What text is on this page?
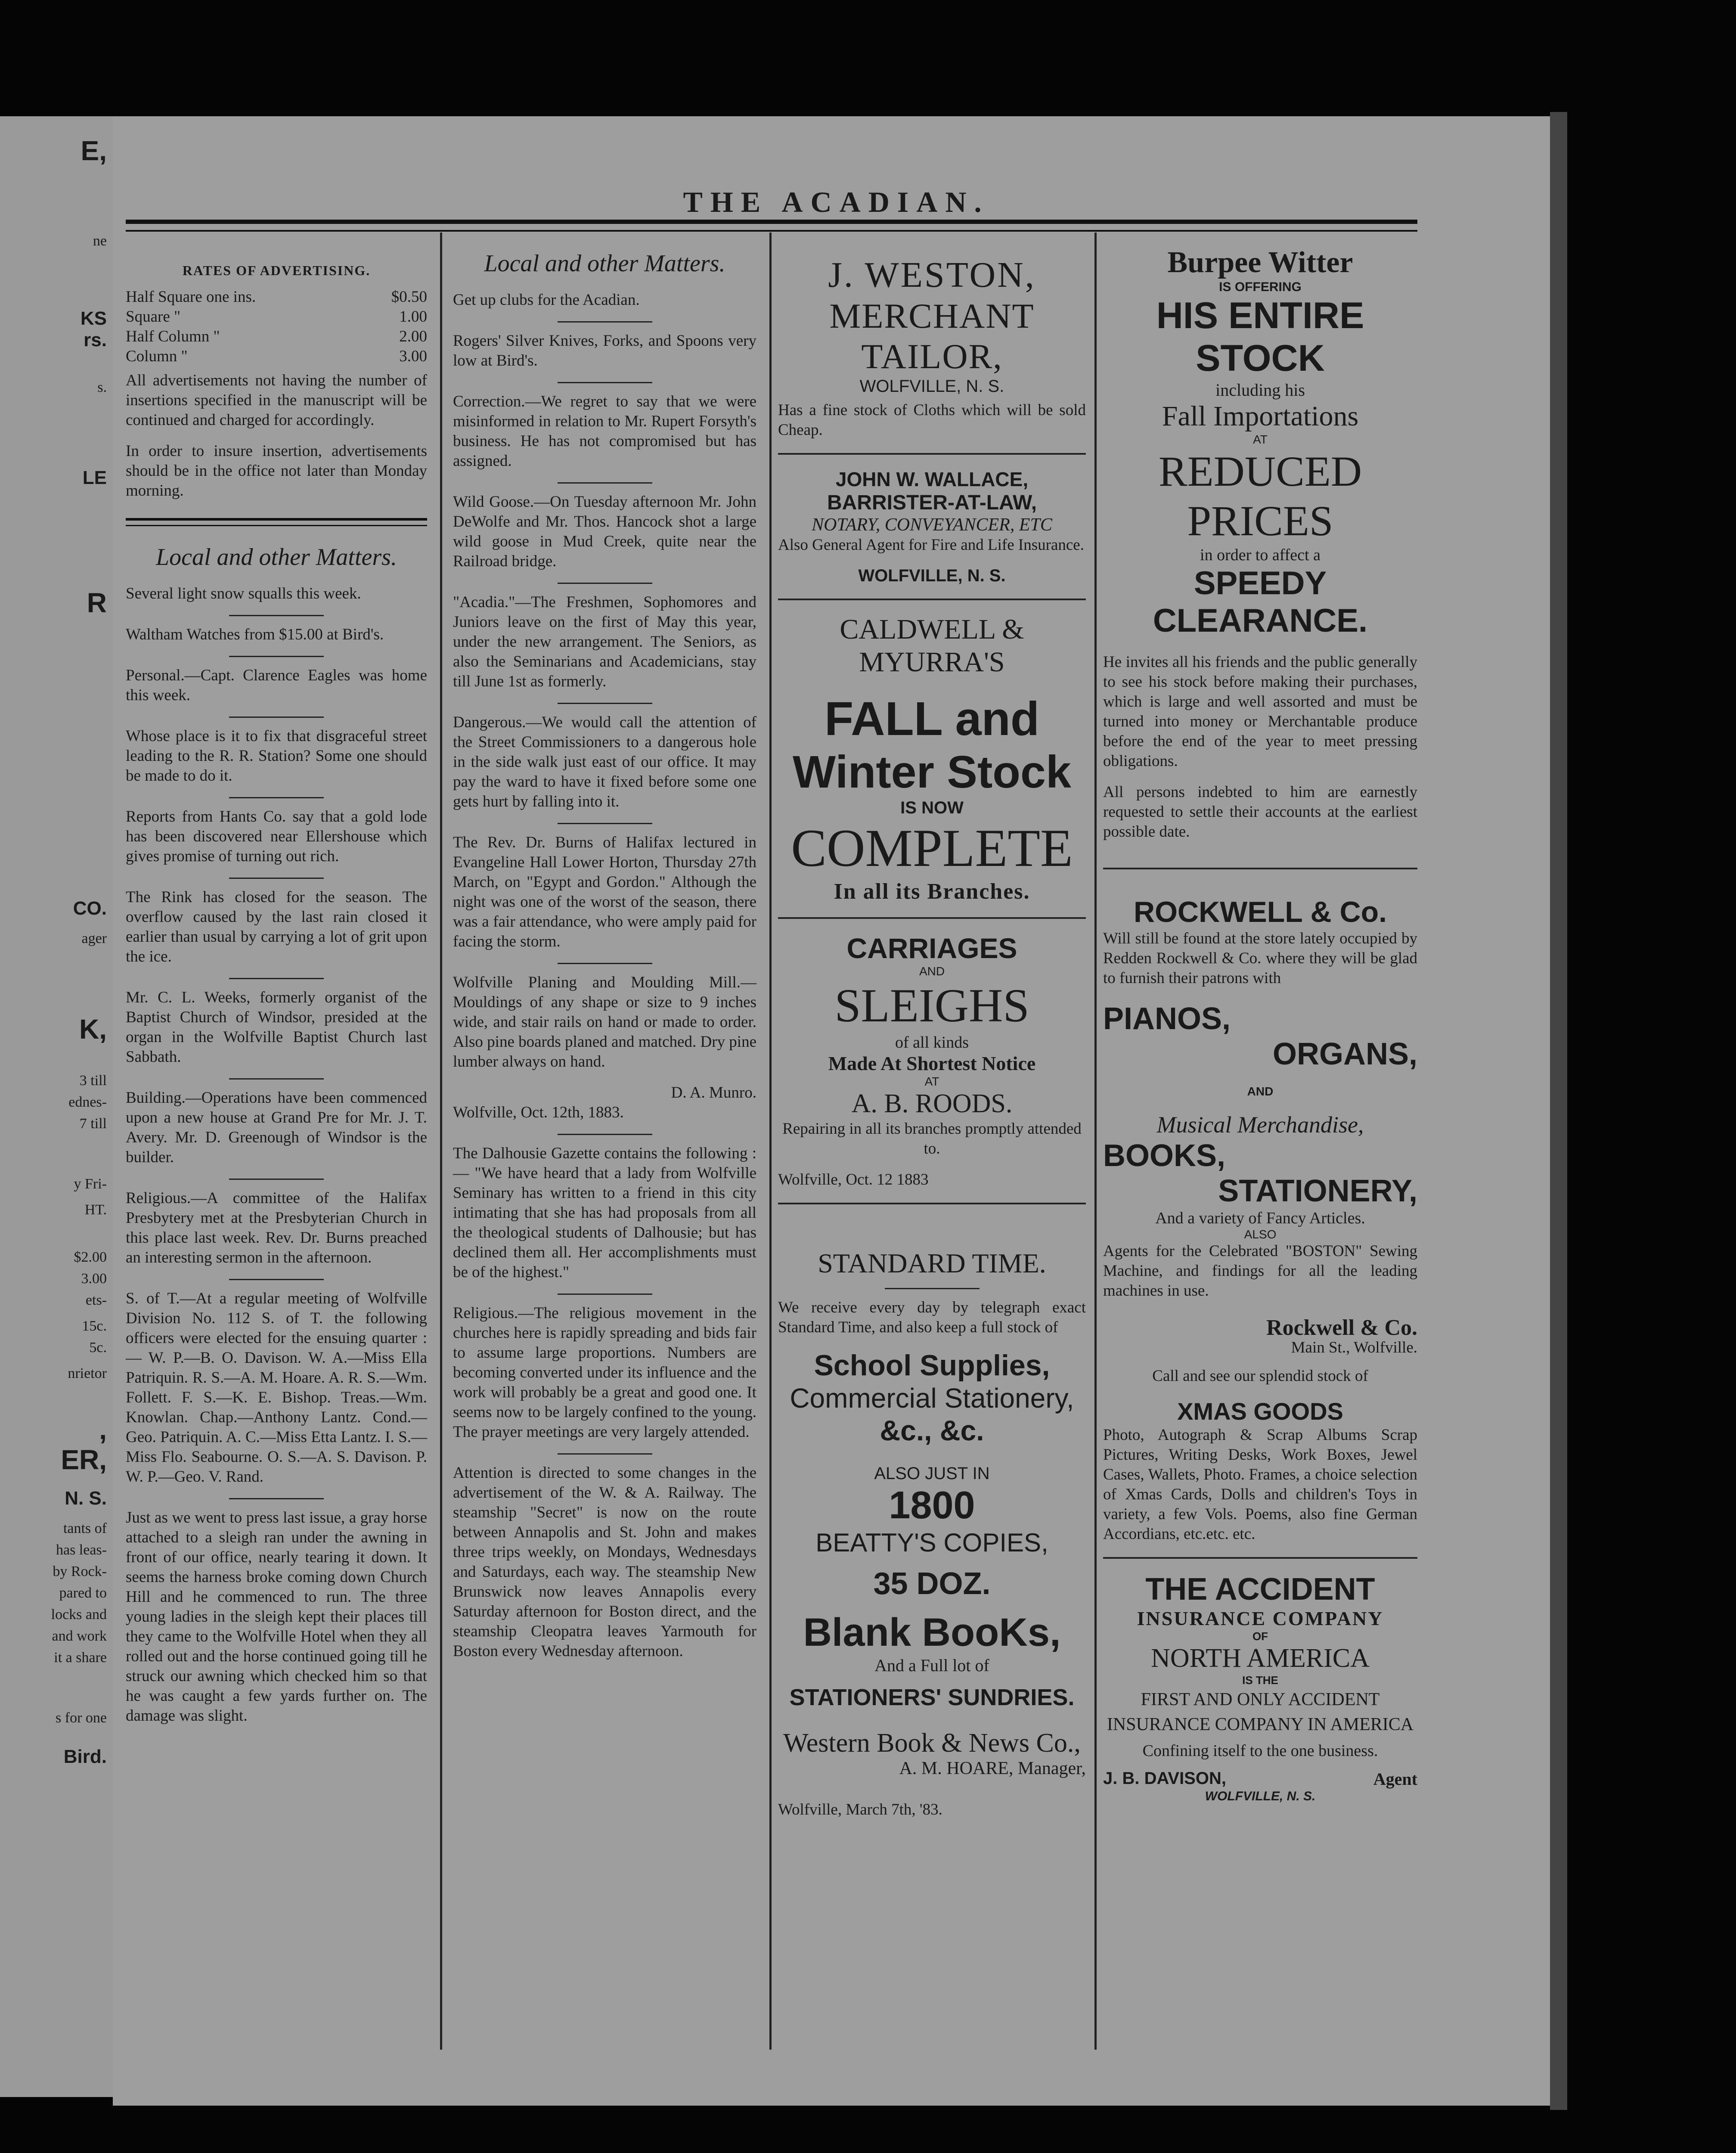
E,
ne
KS
rs.
s.
LE
R
CO.
ager
K,
3 till
ednes-
7 till
y Fri-
HT.
$2.00
3.00
ets-
15c.
5c.
nrietor
,
ER,
N. S.
tants of
has leas-
by Rock-
pared to
locks and
and work
it a share
s for one
Bird.
THE ACADIAN.
RATES OF ADVERTISING.
Half Square one ins.	$0.50
Square "	1.00
Half Column "	2.00
Column "	3.00

All advertisements not having the number of insertions specified in the manuscript will be continued and charged for accordingly.

In order to insure insertion, advertisements should be in the office not later than Monday morning.

Local and other Matters.

Several light snow squalls this week.

Waltham Watches from $15.00 at Bird's.

Personal.—Capt. Clarence Eagles was home this week.

Whose place is it to fix that disgraceful street leading to the R. R. Station? Some one should be made to do it.

Reports from Hants Co. say that a gold lode has been discovered near Ellershouse which gives promise of turning out rich.

The Rink has closed for the season. The overflow caused by the last rain closed it earlier than usual by carrying a lot of grit upon the ice.

Mr. C. L. Weeks, formerly organist of the Baptist Church of Windsor, presided at the organ in the Wolfville Baptist Church last Sabbath.

Building.—Operations have been commenced upon a new house at Grand Pre for Mr. J. T. Avery. Mr. D. Greenough of Windsor is the builder.

Religious.—A committee of the Halifax Presbytery met at the Presbyterian Church in this place last week. Rev. Dr. Burns preached an interesting sermon in the afternoon.

S. of T.—At a regular meeting of Wolfville Division No. 112 S. of T. the following officers were elected for the ensuing quarter :— W. P.—B. O. Davison. W. A.—Miss Ella Patriquin. R. S.—A. M. Hoare. A. R. S.—Wm. Follett. F. S.—K. E. Bishop. Treas.—Wm. Knowlan. Chap.—Anthony Lantz. Cond.—Geo. Patriquin. A. C.—Miss Etta Lantz. I. S.—Miss Flo. Seabourne. O. S.—A. S. Davison. P. W. P.—Geo. V. Rand.

Just as we went to press last issue, a gray horse attached to a sleigh ran under the awning in front of our office, nearly tearing it down. It seems the harness broke coming down Church Hill and he commenced to run. The three young ladies in the sleigh kept their places till they came to the Wolfville Hotel when they all rolled out and the horse continued going till he struck our awning which checked him so that he was caught a few yards further on. The damage was slight.

Local and other Matters.

Get up clubs for the Acadian.

Rogers' Silver Knives, Forks, and Spoons very low at Bird's.

Correction.—We regret to say that we were misinformed in relation to Mr. Rupert Forsyth's business. He has not compromised but has assigned.

Wild Goose.—On Tuesday afternoon Mr. John DeWolfe and Mr. Thos. Hancock shot a large wild goose in Mud Creek, quite near the Railroad bridge.

"Acadia."—The Freshmen, Sophomores and Juniors leave on the first of May this year, under the new arrangement. The Seniors, as also the Seminarians and Academicians, stay till June 1st as formerly.

Dangerous.—We would call the attention of the Street Commissioners to a dangerous hole in the side walk just east of our office. It may pay the ward to have it fixed before some one gets hurt by falling into it.

The Rev. Dr. Burns of Halifax lectured in Evangeline Hall Lower Horton, Thursday 27th March, on "Egypt and Gordon." Although the night was one of the worst of the season, there was a fair attendance, who were amply paid for facing the storm.

Wolfville Planing and Moulding Mill.—Mouldings of any shape or size to 9 inches wide, and stair rails on hand or made to order. Also pine boards planed and matched. Dry pine lumber always on hand.

D. A. Munro.

Wolfville, Oct. 12th, 1883.

The Dalhousie Gazette contains the following :— "We have heard that a lady from Wolfville Seminary has written to a friend in this city intimating that she has had proposals from all the theological students of Dalhousie; but has declined them all. Her accomplishments must be of the highest."

Religious.—The religious movement in the churches here is rapidly spreading and bids fair to assume large proportions. Numbers are becoming converted under its influence and the work will probably be a great and good one. It seems now to be largely confined to the young. The prayer meetings are very largely attended.

Attention is directed to some changes in the advertisement of the W. & A. Railway. The steamship "Secret" is now on the route between Annapolis and St. John and makes three trips weekly, on Mondays, Wednesdays and Saturdays, each way. The steamship New Brunswick now leaves Annapolis every Saturday afternoon for Boston direct, and the steamship Cleopatra leaves Yarmouth for Boston every Wednesday afternoon.

J. WESTON,
MERCHANT TAILOR,
WOLFVILLE, N. S.

Has a fine stock of Cloths which will be sold Cheap.

JOHN W. WALLACE,
BARRISTER-AT-LAW,
NOTARY, CONVEYANCER, ETC

Also General Agent for Fire and Life Insurance.

WOLFVILLE, N. S.
CALDWELL & MYURRA'S
FALL and
Winter Stock
IS NOW
COMPLETE
In all its Branches.
CARRIAGES
AND
SLEIGHS
of all kinds
Made At Shortest Notice
AT
A. B. ROODS.

Repairing in all its branches promptly attended to.

Wolfville, Oct. 12 1883

STANDARD TIME.

We receive every day by telegraph exact Standard Time, and also keep a full stock of

School Supplies,
Commercial Stationery,
&c., &c.
ALSO JUST IN
1800
BEATTY'S COPIES,
35 DOZ.
Blank BooKs,
And a Full lot of
STATIONERS' SUNDRIES.
Western Book & News Co.,
A. M. HOARE, Manager,

Wolfville, March 7th, '83.

Burpee Witter
IS OFFERING
HIS ENTIRE STOCK
including his
Fall Importations
AT
REDUCED PRICES
in order to affect a
SPEEDY CLEARANCE.

He invites all his friends and the public generally to see his stock before making their purchases, which is large and well assorted and must be turned into money or Merchantable produce before the end of the year to meet pressing obligations.

All persons indebted to him are earnestly requested to settle their accounts at the earliest possible date.

ROCKWELL & Co.

Will still be found at the store lately occupied by Redden Rockwell & Co. where they will be glad to furnish their patrons with

PIANOS,
ORGANS,
AND
Musical Merchandise,
BOOKS,
STATIONERY,
And a variety of Fancy Articles.
ALSO

Agents for the Celebrated "BOSTON" Sewing Machine, and findings for all the leading machines in use.

Rockwell & Co.
Main St., Wolfville.

Call and see our splendid stock of

XMAS GOODS

Photo, Autograph & Scrap Albums Scrap Pictures, Writing Desks, Work Boxes, Jewel Cases, Wallets, Photo. Frames, a choice selection of Xmas Cards, Dolls and children's Toys in variety, a few Vols. Poems, also fine German Accordians, etc.etc. etc.

THE ACCIDENT
INSURANCE COMPANY
OF
NORTH AMERICA
IS THE
FIRST AND ONLY ACCIDENT INSURANCE COMPANY IN AMERICA
Confining itself to the one business.
J. B. DAVISON,	Agent
WOLFVILLE, N. S.
